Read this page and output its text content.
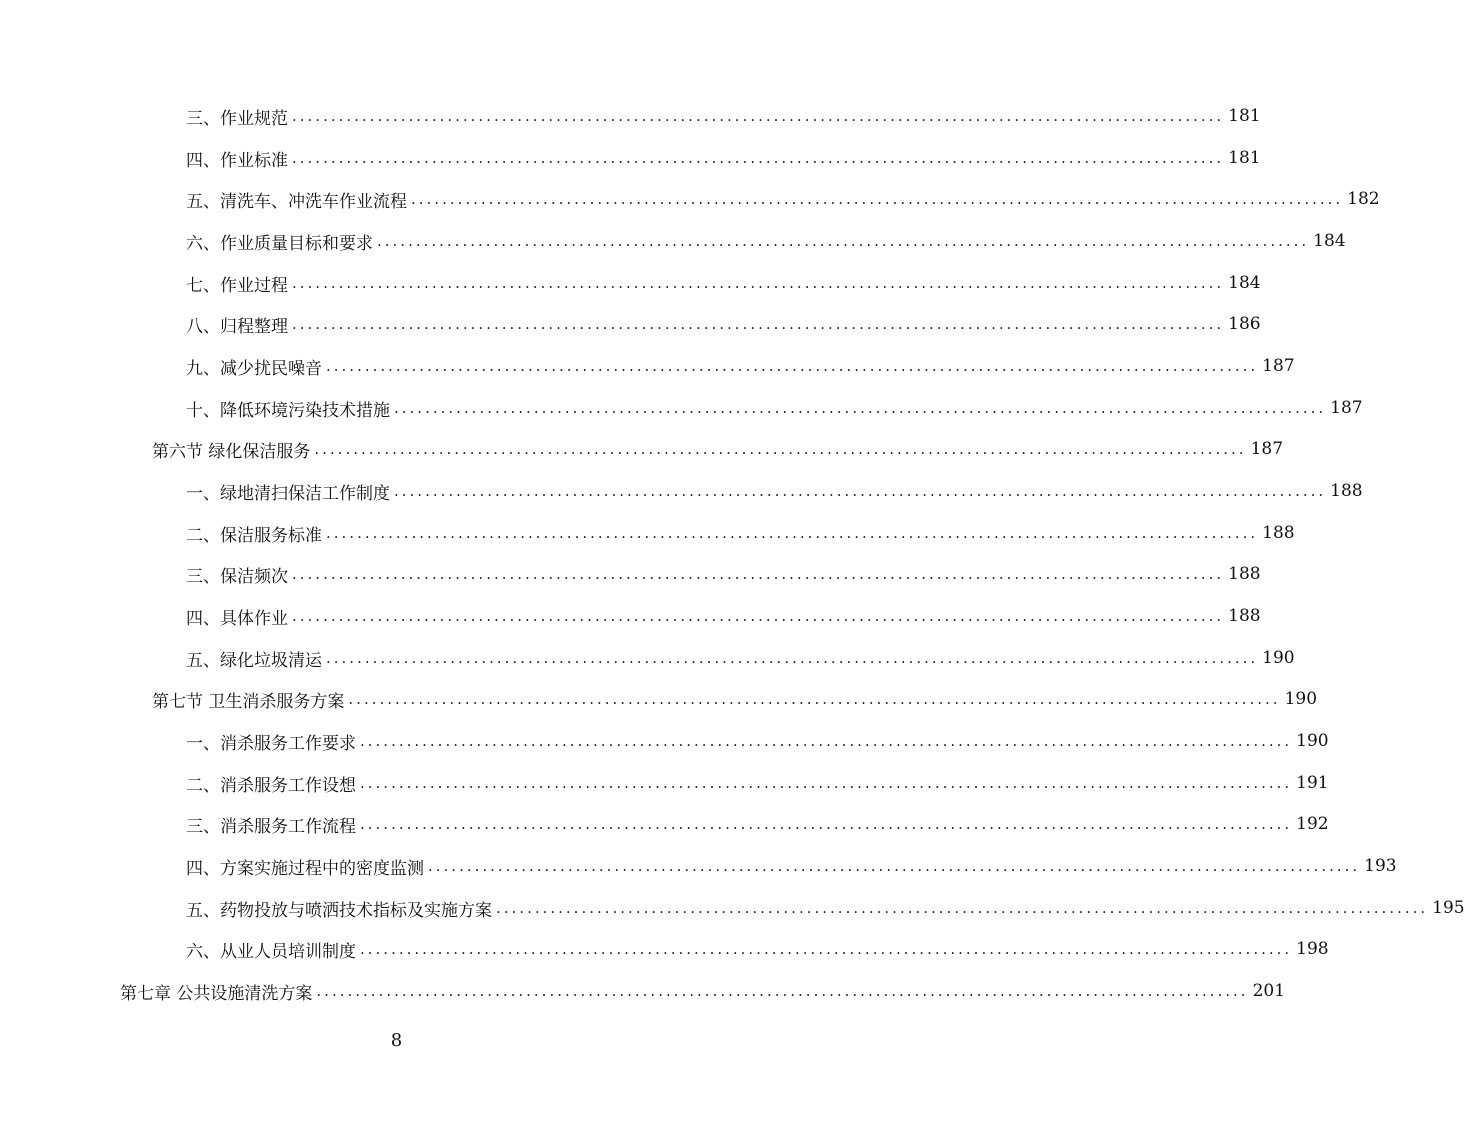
三、作业规范 ........................................................................................................................ 181
四、作业标准 ........................................................................................................................ 181
五、清洗车、冲洗车作业流程 ........................................................................................................................ 182
六、作业质量目标和要求 ........................................................................................................................ 184
七、作业过程 ........................................................................................................................ 184
八、归程整理 ........................................................................................................................ 186
九、减少扰民噪音 ........................................................................................................................ 187
十、降低环境污染技术措施 ........................................................................................................................ 187
第六节 绿化保洁服务 ........................................................................................................................ 187
一、绿地清扫保洁工作制度 ........................................................................................................................ 188
二、保洁服务标准 ........................................................................................................................ 188
三、保洁频次 ........................................................................................................................ 188
四、具体作业 ........................................................................................................................ 188
五、绿化垃圾清运 ........................................................................................................................ 190
第七节 卫生消杀服务方案 ........................................................................................................................ 190
一、消杀服务工作要求 ........................................................................................................................ 190
二、消杀服务工作设想 ........................................................................................................................ 191
三、消杀服务工作流程 ........................................................................................................................ 192
四、方案实施过程中的密度监测 ........................................................................................................................ 193
五、药物投放与喷洒技术指标及实施方案 ........................................................................................................................ 195
六、从业人员培训制度 ........................................................................................................................ 198
第七章 公共设施清洗方案 ........................................................................................................................ 201
8
